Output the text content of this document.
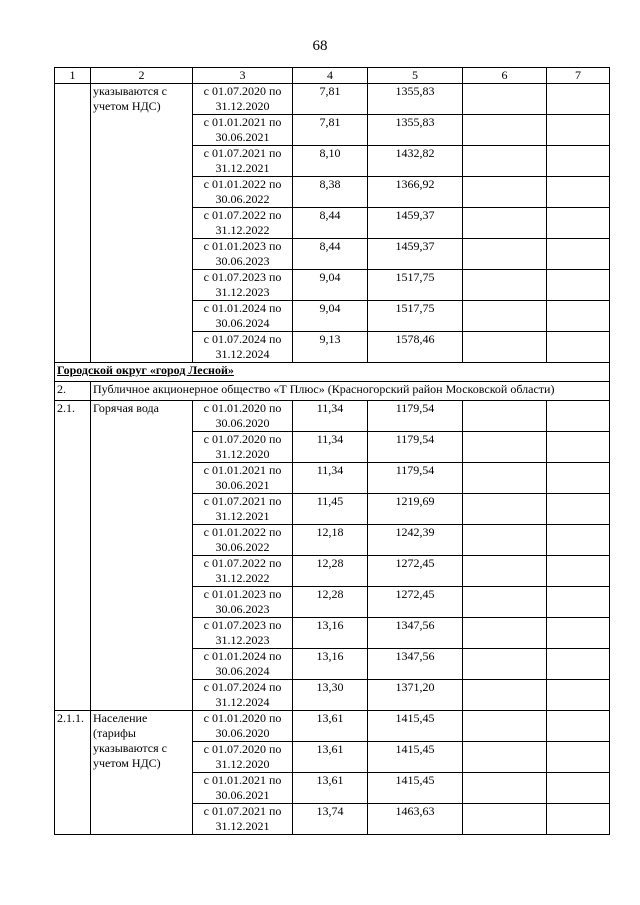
68
1	2	3	4	5	6	7
	указываются с учетом НДС)	с 01.07.2020 по 31.12.2020	7,81	1355,83		
		с 01.01.2021 по 30.06.2021	7,81	1355,83		
		с 01.07.2021 по 31.12.2021	8,10	1432,82		
		с 01.01.2022 по 30.06.2022	8,38	1366,92		
		с 01.07.2022 по 31.12.2022	8,44	1459,37		
		с 01.01.2023 по 30.06.2023	8,44	1459,37		
		с 01.07.2023 по 31.12.2023	9,04	1517,75		
		с 01.01.2024 по 30.06.2024	9,04	1517,75		
		с 01.07.2024 по 31.12.2024	9,13	1578,46		
Городской округ «город Лесной»						
2.	Публичное акционерное общество «Т Плюс» (Красногорский район Московской области)					
2.1.	Горячая вода	с 01.01.2020 по 30.06.2020	11,34	1179,54		
		с 01.07.2020 по 31.12.2020	11,34	1179,54		
		с 01.01.2021 по 30.06.2021	11,34	1179,54		
		с 01.07.2021 по 31.12.2021	11,45	1219,69		
		с 01.01.2022 по 30.06.2022	12,18	1242,39		
		с 01.07.2022 по 31.12.2022	12,28	1272,45		
		с 01.01.2023 по 30.06.2023	12,28	1272,45		
		с 01.07.2023 по 31.12.2023	13,16	1347,56		
		с 01.01.2024 по 30.06.2024	13,16	1347,56		
		с 01.07.2024 по 31.12.2024	13,30	1371,20		
2.1.1.	Население (тарифы указываются с учетом НДС)	с 01.01.2020 по 30.06.2020	13,61	1415,45		
		с 01.07.2020 по 31.12.2020	13,61	1415,45		
		с 01.01.2021 по 30.06.2021	13,61	1415,45		
		с 01.07.2021 по 31.12.2021	13,74	1463,63		
